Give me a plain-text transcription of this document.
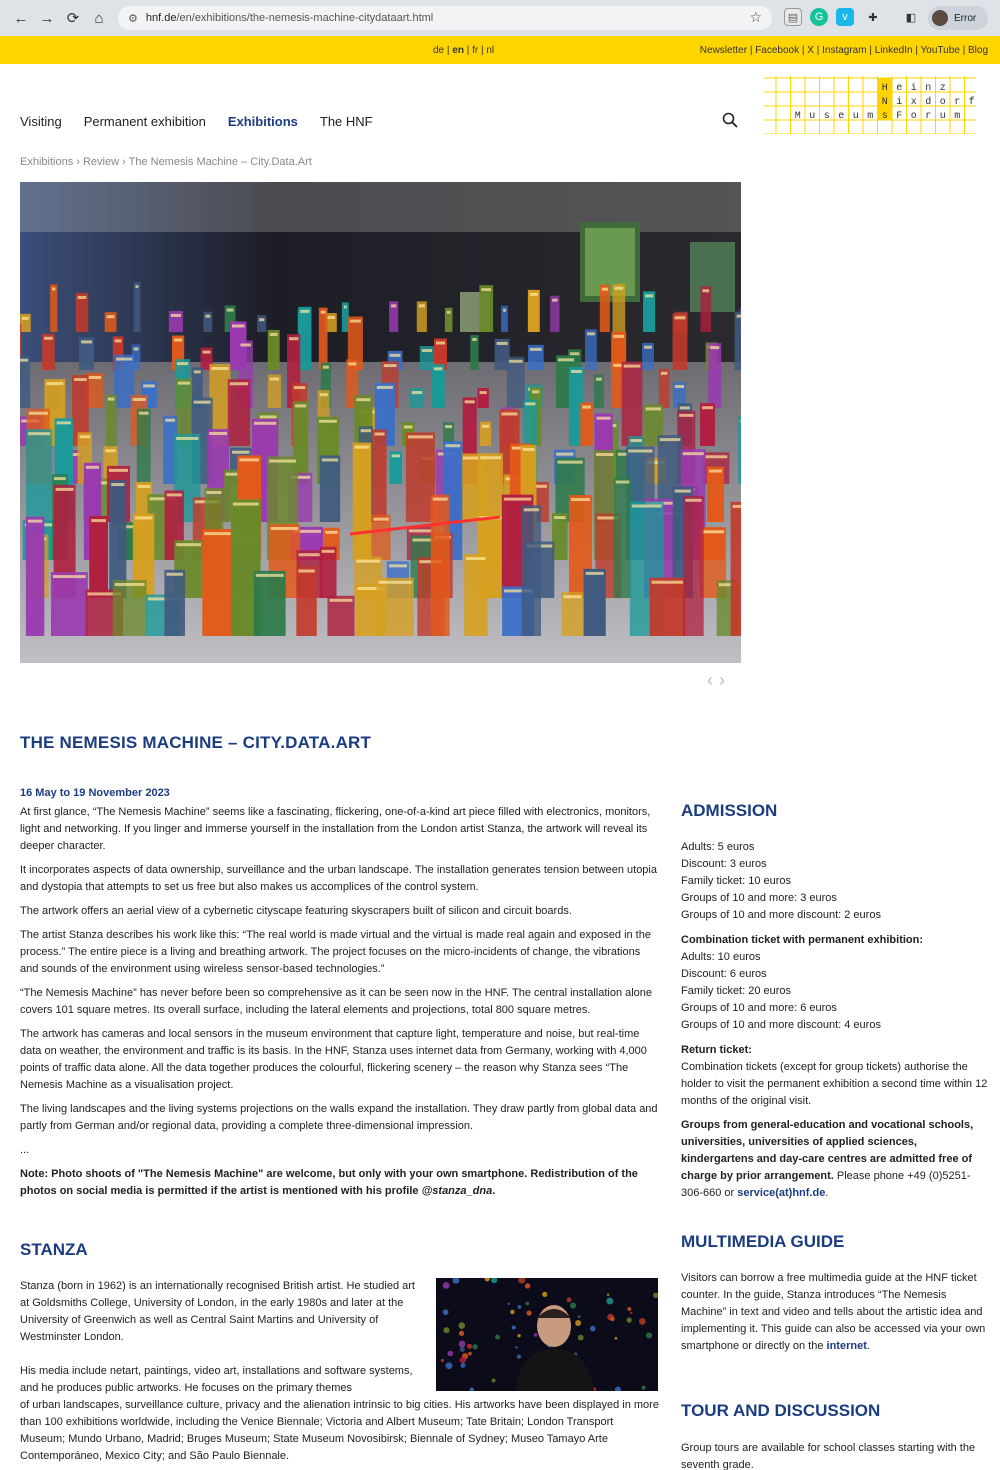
← → ⟳	⌂	⚙ hnf.de /en/exhibitions/the-nemesis-machine-citydataart.html	☆	▤	G	v	✚	◧	Error
de | en | fr | nl	Newsletter | Facebook | X | Instagram | LinkedIn | YouTube | Blog
Visiting Permanent exhibition Exhibitions The HNF
H e i n z
N i x d o r f
M u s e u m s F o r u m
Exhibitions › Review › The Nemesis Machine – City.Data.Art
‹›
THE NEMESIS MACHINE – CITY.DATA.ART
16 May to 19 November 2023

At first glance, “The Nemesis Machine” seems like a fascinating, flickering, one-of-a-kind art piece filled with electronics, monitors, light and networking. If you linger and immerse yourself in the installation from the London artist Stanza, the artwork will reveal its deeper character.

It incorporates aspects of data ownership, surveillance and the urban landscape. The installation generates tension between utopia and dystopia that attempts to set us free but also makes us accomplices of the control system.

The artwork offers an aerial view of a cybernetic cityscape featuring skyscrapers built of silicon and circuit boards.

The artist Stanza describes his work like this: “The real world is made virtual and the virtual is made real again and exposed in the process.” The entire piece is a living and breathing artwork. The project focuses on the micro-incidents of change, the vibrations and sounds of the environment using wireless sensor-based technologies.”

“The Nemesis Machine” has never before been so comprehensive as it can be seen now in the HNF. The central installation alone covers 101 square metres. Its overall surface, including the lateral elements and projections, total 800 square metres.

The artwork has cameras and local sensors in the museum environment that capture light, temperature and noise, but real-time data on weather, the environment and traffic is its basis. In the HNF, Stanza uses internet data from Germany, working with 4,000 points of traffic data alone. All the data together produces the colourful, flickering scenery – the reason why Stanza sees “The Nemesis Machine as a visualisation project.

The living landscapes and the living systems projections on the walls expand the installation. They draw partly from global data and partly from German and/or regional data, providing a complete three-dimensional impression.

...

Note: Photo shoots of "The Nemesis Machine" are welcome, but only with your own smartphone. Redistribution of the photos on social media is permitted if the artist is mentioned with his profile @stanza_dna.

STANZA

Stanza (born in 1962) is an internationally recognised British artist. He studied art at Goldsmiths College, University of London, in the early 1980s and later at the University of Greenwich as well as Central Saint Martins and University of Westminster London.

His media include netart, paintings, video art, installations and software systems, and he produces public artworks. He focuses on the primary themes

of urban landscapes, surveillance culture, privacy and the alienation intrinsic to big cities. His artworks have been displayed in more than 100 exhibitions worldwide, including the Venice Biennale; Victoria and Albert Museum; Tate Britain; London Transport Museum; Mundo Urbano, Madrid; Bruges Museum; State Museum Novosibirsk; Biennale of Sydney; Museo Tamayo Arte Contemporáneo, Mexico City; and São Paulo Biennale.
ADMISSION
Adults: 5 euros
Discount: 3 euros
Family ticket: 10 euros
Groups of 10 and more: 3 euros
Groups of 10 and more discount: 2 euros
Combination ticket with permanent exhibition:
Adults: 10 euros
Discount: 6 euros
Family ticket: 20 euros
Groups of 10 and more: 6 euros
Groups of 10 and more discount: 4 euros
Return ticket:
Combination tickets (except for group tickets) authorise the holder to visit the permanent exhibition a second time within 12 months of the original visit.
Groups from general-education and vocational schools, universities, universities of applied sciences, kindergartens and day-care centres are admitted free of charge by prior arrangement. Please phone +49 (0)5251-306-660 or service(at)hnf.de.
MULTIMEDIA GUIDE
Visitors can borrow a free multimedia guide at the HNF ticket counter. In the guide, Stanza introduces “The Nemesis Machine” in text and video and tells about the artistic idea and implementing it. This guide can also be accessed via your own smartphone or directly on the internet.
TOUR AND DISCUSSION
Group tours are available for school classes starting with the seventh grade.
